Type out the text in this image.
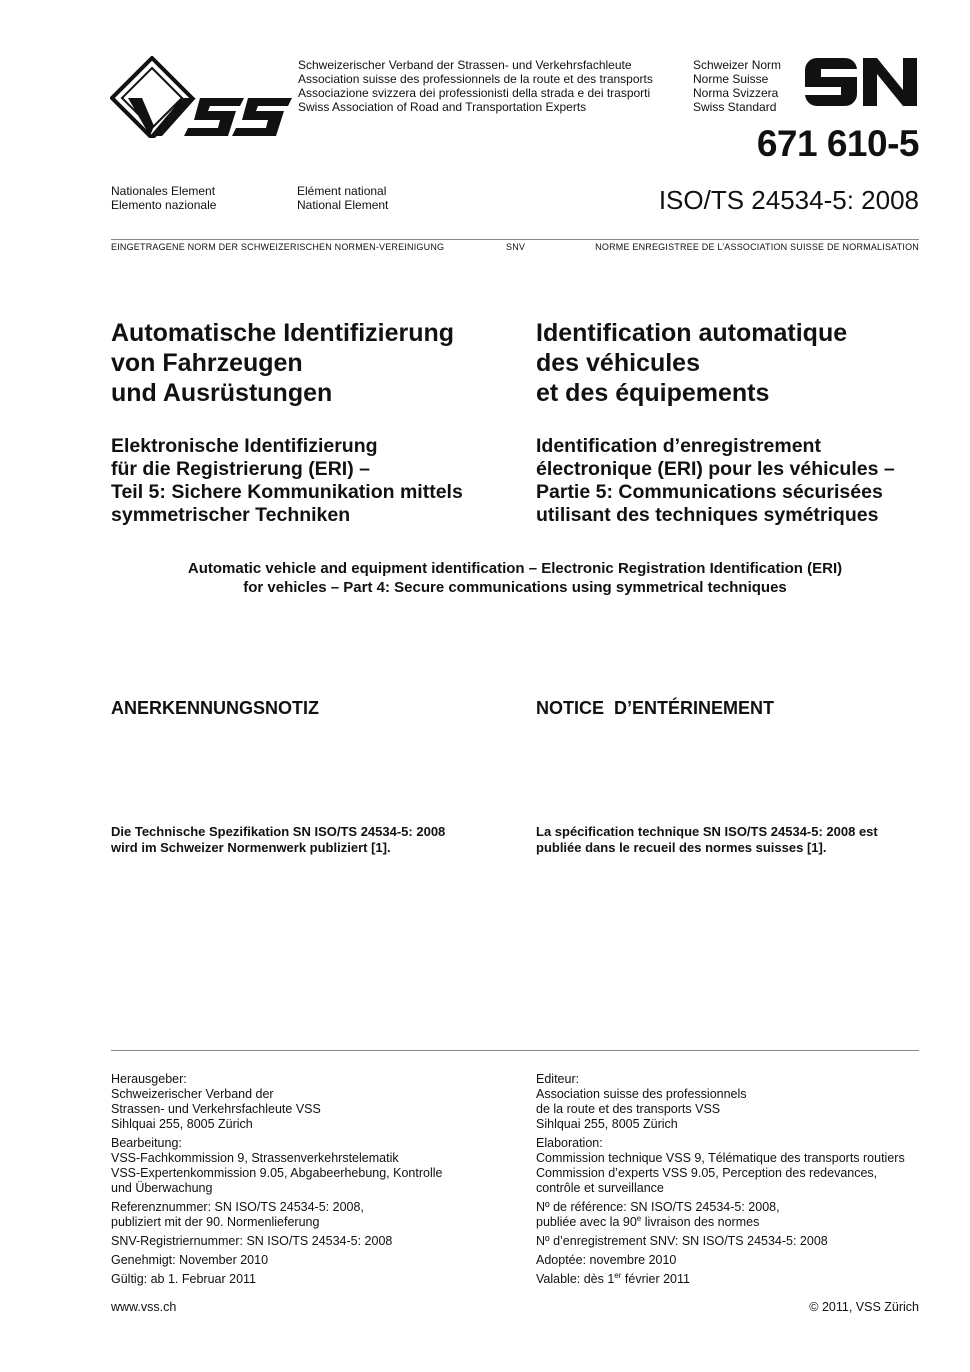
Schweizerischer Verband der Strassen- und Verkehrsfachleute
Association suisse des professionnels de la route et des transports
Associazione svizzera dei professionisti della strada e dei trasporti
Swiss Association of Road and Transportation Experts
Schweizer Norm
Norme Suisse
Norma Svizzera
Swiss Standard
671 610-5
Nationales Element
Elemento nazionale
Elément national
National Element	ISO/TS 24534-5: 2008
EINGETRAGENE NORM DER SCHWEIZERISCHEN NORMEN-VEREINIGUNG	SNV	NORME ENREGISTREE DE L’ASSOCIATION SUISSE DE NORMALISATION
Automatische Identifizierung
von Fahrzeugen
und Ausrüstungen
Identification automatique
des véhicules
et des équipements
Elektronische Identifizierung
für die Registrierung (ERI) –
Teil 5: Sichere Kommunikation mittels
symmetrischer Techniken
Identification d’enregistrement
électronique (ERI) pour les véhicules –
Partie 5: Communications sécurisées
utilisant des techniques symétriques
Automatic vehicle and equipment identification – Electronic Registration Identification (ERI)
for vehicles – Part 4: Secure communications using symmetrical techniques
ANERKENNUNGSNOTIZ	NOTICE  D’ENTÉRINEMENT
Die Technische Spezifikation SN ISO/TS 24534-5: 2008
wird im Schweizer Normenwerk publiziert [1].
La spécification technique SN ISO/TS 24534-5: 2008 est
publiée dans le recueil des normes suisses [1].
Herausgeber:
Schweizerischer Verband der
Strassen- und Verkehrsfachleute VSS
Sihlquai 255, 8005 Zürich
Bearbeitung:
VSS-Fachkommission 9, Strassenverkehrstelematik
VSS-Expertenkommission 9.05, Abgabeerhebung, Kontrolle
und Überwachung
Referenznummer: SN ISO/TS 24534-5: 2008,
publiziert mit der 90. Normenlieferung
SNV-Registriernummer: SN ISO/TS 24534-5: 2008
Genehmigt: November 2010
Gültig: ab 1. Februar 2011
Editeur:
Association suisse des professionnels
de la route et des transports VSS
Sihlquai 255, 8005 Zürich
Elaboration:
Commission technique VSS 9, Télématique des transports routiers
Commission d’experts VSS 9.05, Perception des redevances,
contrôle et surveillance
Nº de référence: SN ISO/TS 24534-5: 2008,
publiée avec la 90e livraison des normes
Nº d’enregistrement SNV: SN ISO/TS 24534-5: 2008
Adoptée: novembre 2010
Valable: dès 1er février 2011
www.vss.ch	© 2011, VSS Zürich
